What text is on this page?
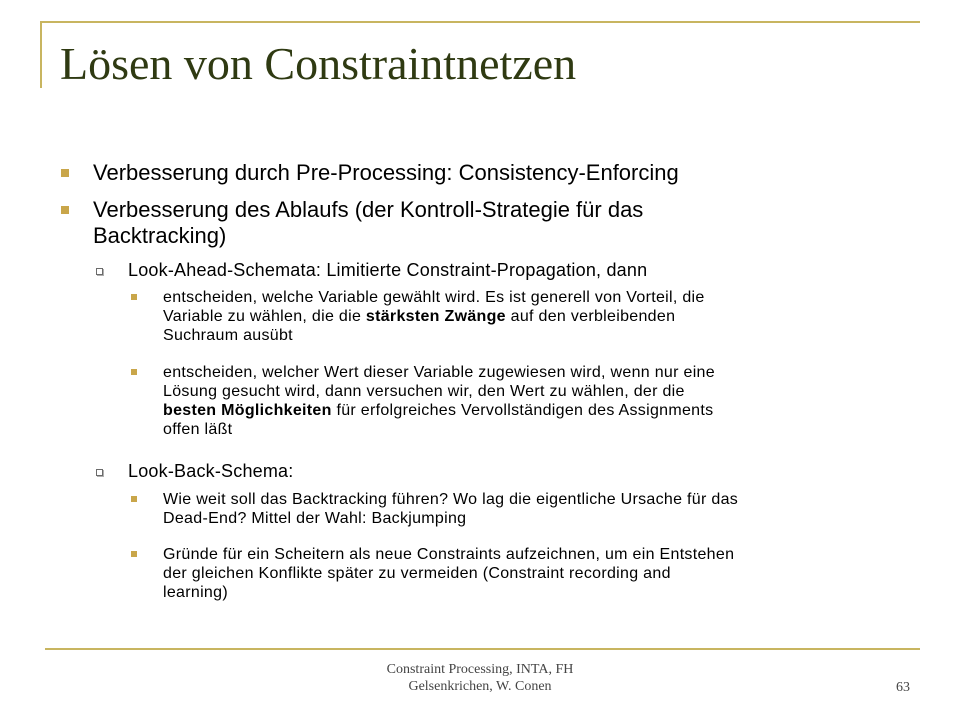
Lösen von Constraintnetzen
Verbesserung durch Pre-Processing: Consistency-Enforcing
Verbesserung des Ablaufs (der Kontroll-Strategie für das
Backtracking)
Look-Ahead-Schemata: Limitierte Constraint-Propagation, dann
entscheiden, welche Variable gewählt wird. Es ist generell von Vorteil, die
Variable zu wählen, die die stärksten Zwänge auf den verbleibenden
Suchraum ausübt
entscheiden, welcher Wert dieser Variable zugewiesen wird, wenn nur eine
Lösung gesucht wird, dann versuchen wir, den Wert zu wählen, der die
besten Möglichkeiten für erfolgreiches Vervollständigen des Assignments
offen läßt
Look-Back-Schema:
Wie weit soll das Backtracking führen? Wo lag die eigentliche Ursache für das
Dead-End? Mittel der Wahl: Backjumping
Gründe für ein Scheitern als neue Constraints aufzeichnen, um ein Entstehen
der gleichen Konflikte später zu vermeiden (Constraint recording and
learning)
Constraint Processing, INTA, FH
Gelsenkrichen, W. Conen	63
